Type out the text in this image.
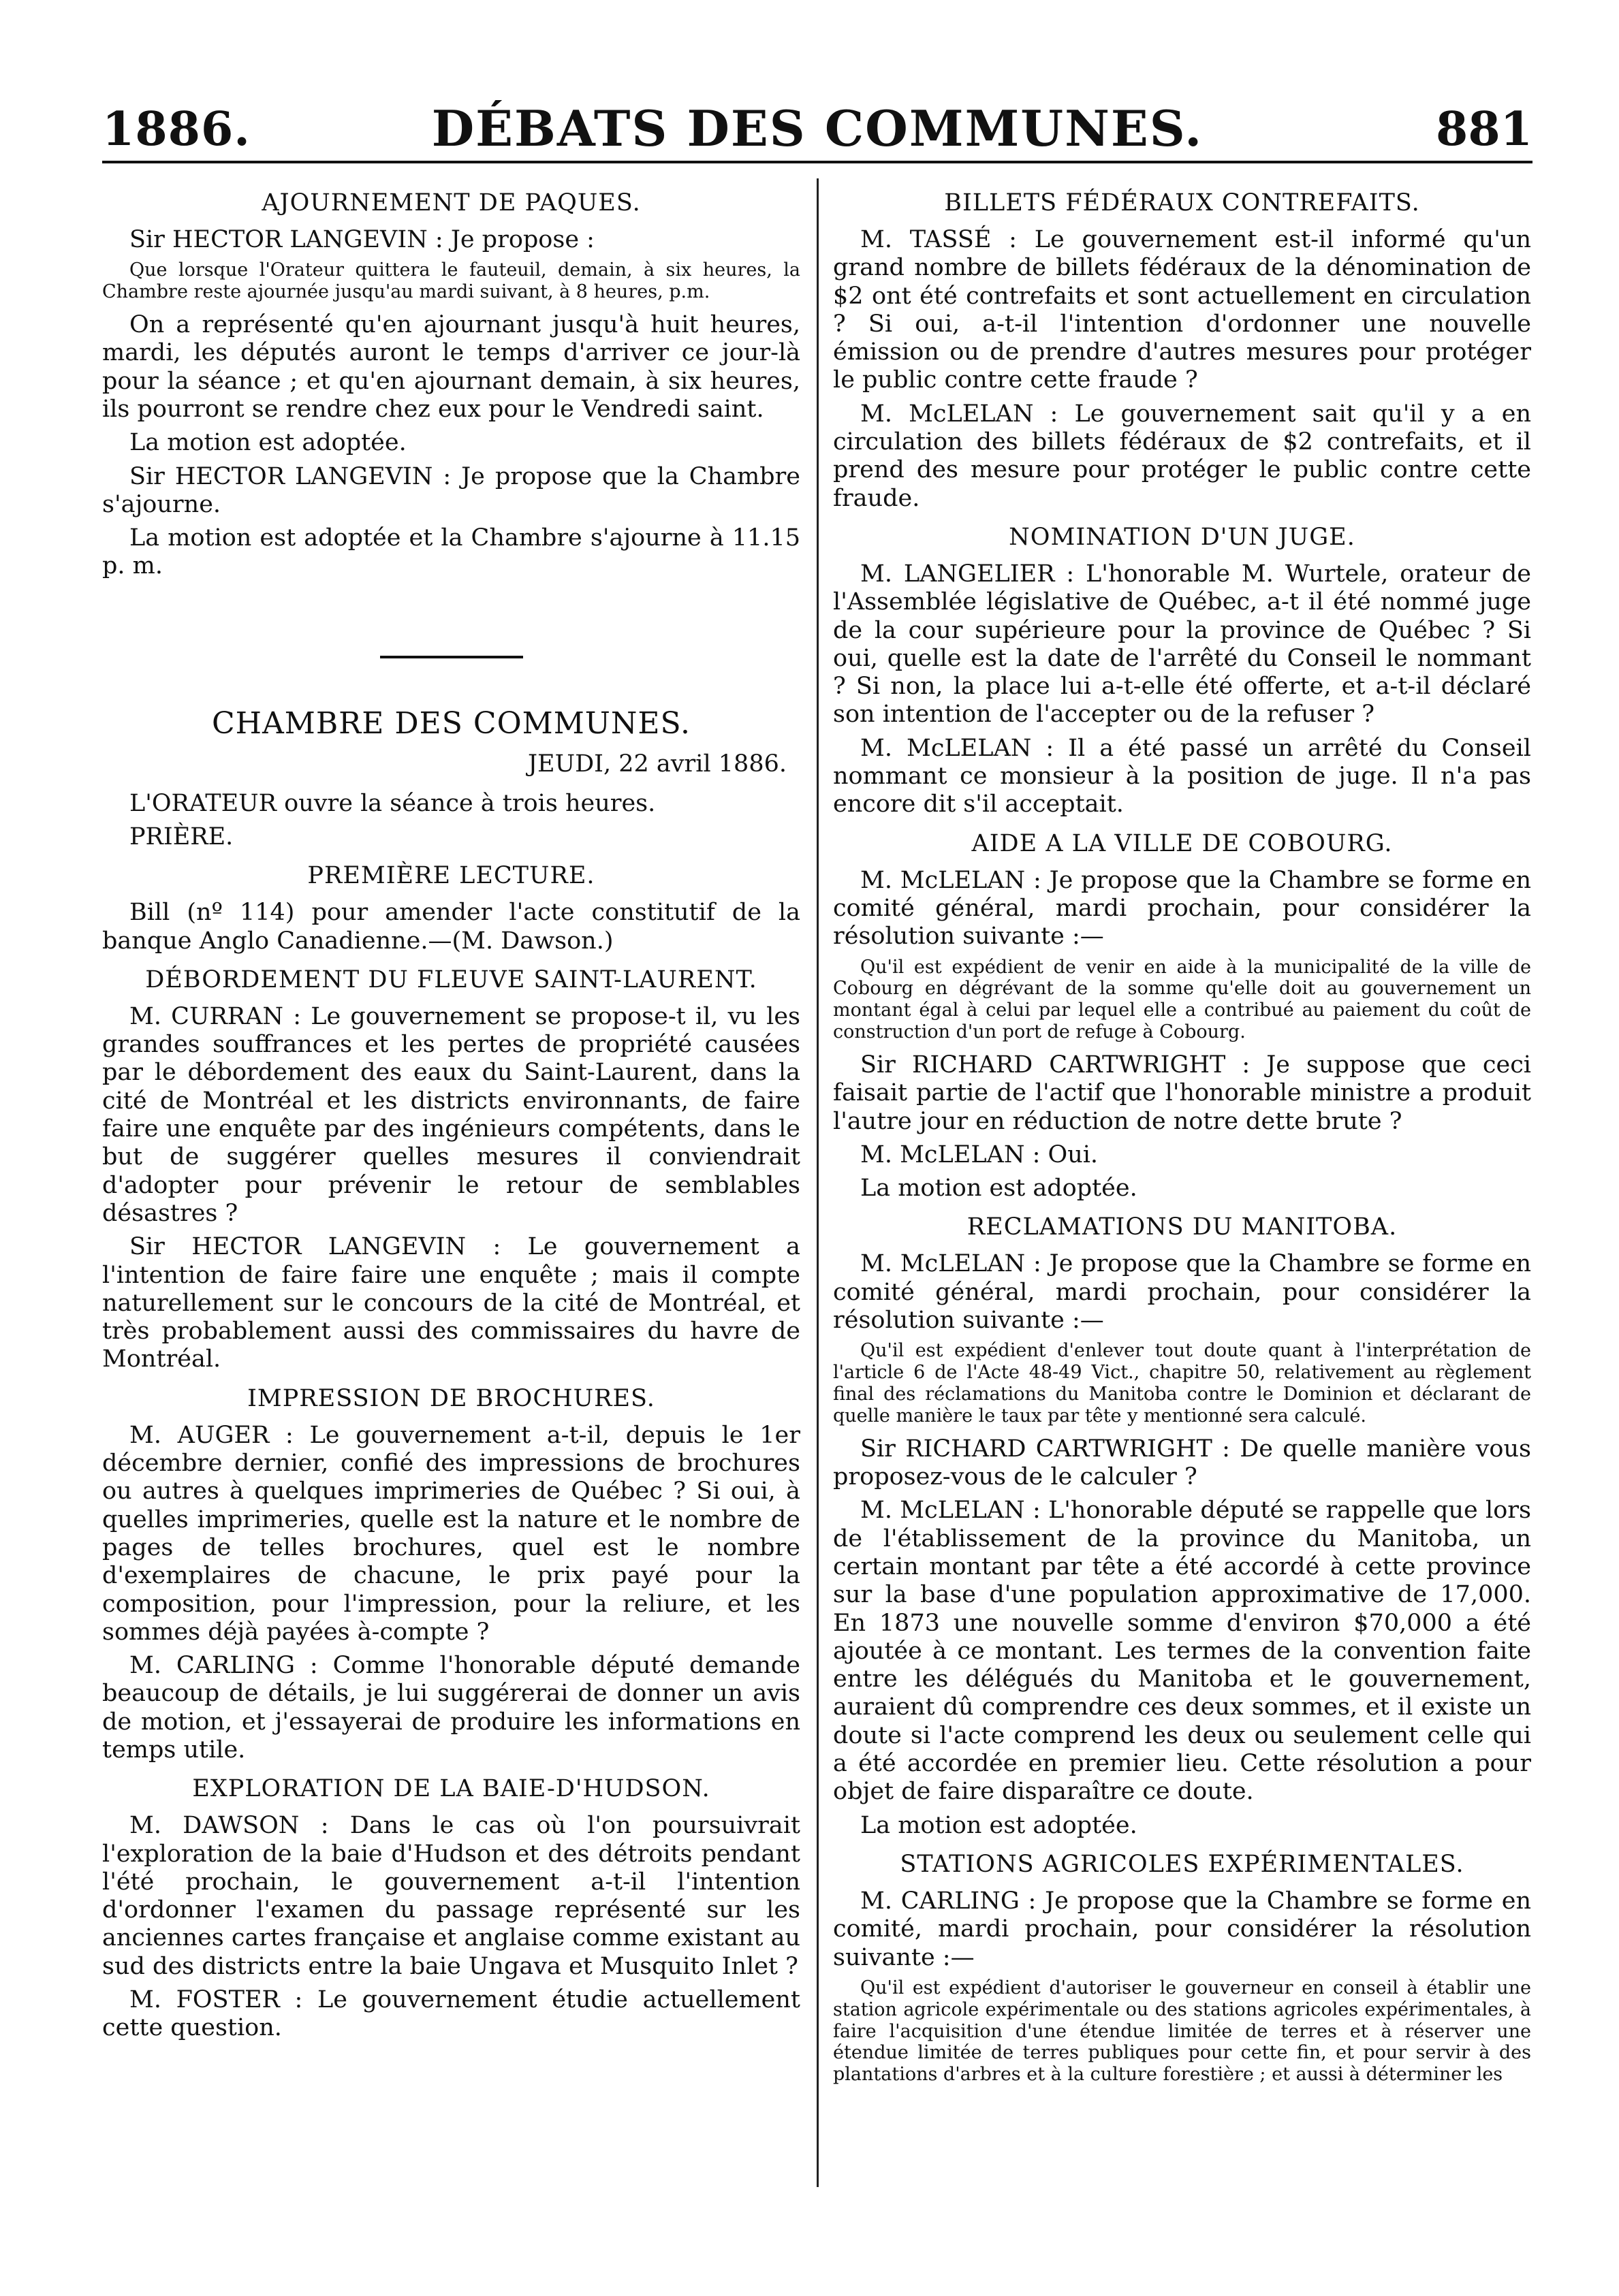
1886.	DÉBATS DES COMMUNES.	881
AJOURNEMENT DE PAQUES.

Sir HECTOR LANGEVIN : Je propose :

Que lorsque l'Orateur quittera le fauteuil, demain, à six heures, la Chambre reste ajournée jusqu'au mardi suivant, à 8 heures, p.m.

On a représenté qu'en ajournant jusqu'à huit heures, mardi, les députés auront le temps d'arriver ce jour-là pour la séance ; et qu'en ajournant demain, à six heures, ils pourront se rendre chez eux pour le Vendredi saint.

La motion est adoptée.

Sir HECTOR LANGEVIN : Je propose que la Chambre s'ajourne.

La motion est adoptée et la Chambre s'ajourne à 11.15 p. m.

CHAMBRE DES COMMUNES.
JEUDI, 22 avril 1886.

L'ORATEUR ouvre la séance à trois heures.

PRIÈRE.

PREMIÈRE LECTURE.

Bill (nº 114) pour amender l'acte constitutif de la banque Anglo Canadienne.—(M. Dawson.)

DÉBORDEMENT DU FLEUVE SAINT-LAURENT.

M. CURRAN : Le gouvernement se propose-t il, vu les grandes souffrances et les pertes de propriété causées par le débordement des eaux du Saint-Laurent, dans la cité de Montréal et les districts environnants, de faire faire une enquête par des ingénieurs compétents, dans le but de suggérer quelles mesures il conviendrait d'adopter pour prévenir le retour de semblables désastres ?

Sir HECTOR LANGEVIN : Le gouvernement a l'intention de faire faire une enquête ; mais il compte naturellement sur le concours de la cité de Montréal, et très probablement aussi des commissaires du havre de Montréal.

IMPRESSION DE BROCHURES.

M. AUGER : Le gouvernement a-t-il, depuis le 1er décembre dernier, confié des impressions de brochures ou autres à quelques imprimeries de Québec ? Si oui, à quelles imprimeries, quelle est la nature et le nombre de pages de telles brochures, quel est le nombre d'exemplaires de chacune, le prix payé pour la composition, pour l'impression, pour la reliure, et les sommes déjà payées à-compte ?

M. CARLING : Comme l'honorable député demande beaucoup de détails, je lui suggérerai de donner un avis de motion, et j'essayerai de produire les informations en temps utile.

EXPLORATION DE LA BAIE-D'HUDSON.

M. DAWSON : Dans le cas où l'on poursuivrait l'exploration de la baie d'Hudson et des détroits pendant l'été prochain, le gouvernement a-t-il l'intention d'ordonner l'examen du passage représenté sur les anciennes cartes française et anglaise comme existant au sud des districts entre la baie Ungava et Musquito Inlet ?

M. FOSTER : Le gouvernement étudie actuellement cette question.

BILLETS FÉDÉRAUX CONTREFAITS.

M. TASSÉ : Le gouvernement est-il informé qu'un grand nombre de billets fédéraux de la dénomination de $2 ont été contrefaits et sont actuellement en circulation ? Si oui, a-t-il l'intention d'ordonner une nouvelle émission ou de prendre d'autres mesures pour protéger le public contre cette fraude ?

M. McLELAN : Le gouvernement sait qu'il y a en circulation des billets fédéraux de $2 contrefaits, et il prend des mesure pour protéger le public contre cette fraude.

NOMINATION D'UN JUGE.

M. LANGELIER : L'honorable M. Wurtele, orateur de l'Assemblée législative de Québec, a-t il été nommé juge de la cour supérieure pour la province de Québec ? Si oui, quelle est la date de l'arrêté du Conseil le nommant ? Si non, la place lui a-t-elle été offerte, et a-t-il déclaré son intention de l'accepter ou de la refuser ?

M. McLELAN : Il a été passé un arrêté du Conseil nommant ce monsieur à la position de juge. Il n'a pas encore dit s'il acceptait.

AIDE A LA VILLE DE COBOURG.

M. McLELAN : Je propose que la Chambre se forme en comité général, mardi prochain, pour considérer la résolution suivante :—

Qu'il est expédient de venir en aide à la municipalité de la ville de Cobourg en dégrévant de la somme qu'elle doit au gouvernement un montant égal à celui par lequel elle a contribué au paiement du coût de construction d'un port de refuge à Cobourg.

Sir RICHARD CARTWRIGHT : Je suppose que ceci faisait partie de l'actif que l'honorable ministre a produit l'autre jour en réduction de notre dette brute ?

M. McLELAN : Oui.

La motion est adoptée.

RECLAMATIONS DU MANITOBA.

M. McLELAN : Je propose que la Chambre se forme en comité général, mardi prochain, pour considérer la résolution suivante :—

Qu'il est expédient d'enlever tout doute quant à l'interprétation de l'article 6 de l'Acte 48-49 Vict., chapitre 50, relativement au règlement final des réclamations du Manitoba contre le Dominion et déclarant de quelle manière le taux par tête y mentionné sera calculé.

Sir RICHARD CARTWRIGHT : De quelle manière vous proposez-vous de le calculer ?

M. McLELAN : L'honorable député se rappelle que lors de l'établissement de la province du Manitoba, un certain montant par tête a été accordé à cette province sur la base d'une population approximative de 17,000. En 1873 une nouvelle somme d'environ $70,000 a été ajoutée à ce montant. Les termes de la convention faite entre les délégués du Manitoba et le gouvernement, auraient dû comprendre ces deux sommes, et il existe un doute si l'acte comprend les deux ou seulement celle qui a été accordée en premier lieu. Cette résolution a pour objet de faire disparaître ce doute.

La motion est adoptée.

STATIONS AGRICOLES EXPÉRIMENTALES.

M. CARLING : Je propose que la Chambre se forme en comité, mardi prochain, pour considérer la résolution suivante :—

Qu'il est expédient d'autoriser le gouverneur en conseil à établir une station agricole expérimentale ou des stations agricoles expérimentales, à faire l'acquisition d'une étendue limitée de terres et à réserver une étendue limitée de terres publiques pour cette fin, et pour servir à des plantations d'arbres et à la culture forestière ; et aussi à déterminer les
